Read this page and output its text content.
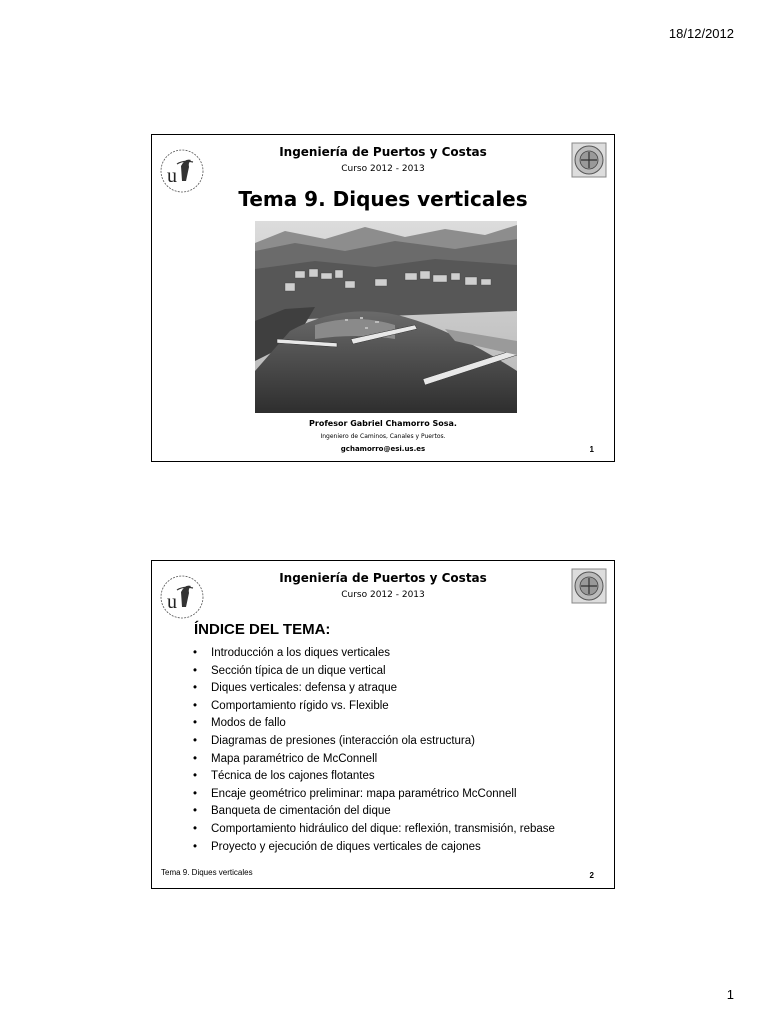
18/12/2012
u
Ingeniería de Puertos y Costas
Curso 2012 - 2013
Tema 9. Diques verticales
Profesor Gabriel Chamorro Sosa.
Ingeniero de Caminos, Canales y Puertos.
gchamorro@esi.us.es	1
u
Ingeniería de Puertos y Costas
Curso 2012 - 2013
ÍNDICE DEL TEMA:
• Introducción a los diques verticales
• Sección típica de un dique vertical
• Diques verticales: defensa y atraque
• Comportamiento rígido vs. Flexible
• Modos de fallo
• Diagramas de presiones (interacción ola estructura)
• Mapa paramétrico de McConnell
• Técnica de los cajones flotantes
• Encaje geométrico preliminar: mapa paramétrico McConnell
• Banqueta de cimentación del dique
• Comportamiento hidráulico del dique: reflexión, transmisión, rebase
• Proyecto y ejecución de diques verticales de cajones
Tema 9. Diques verticales	2
1
